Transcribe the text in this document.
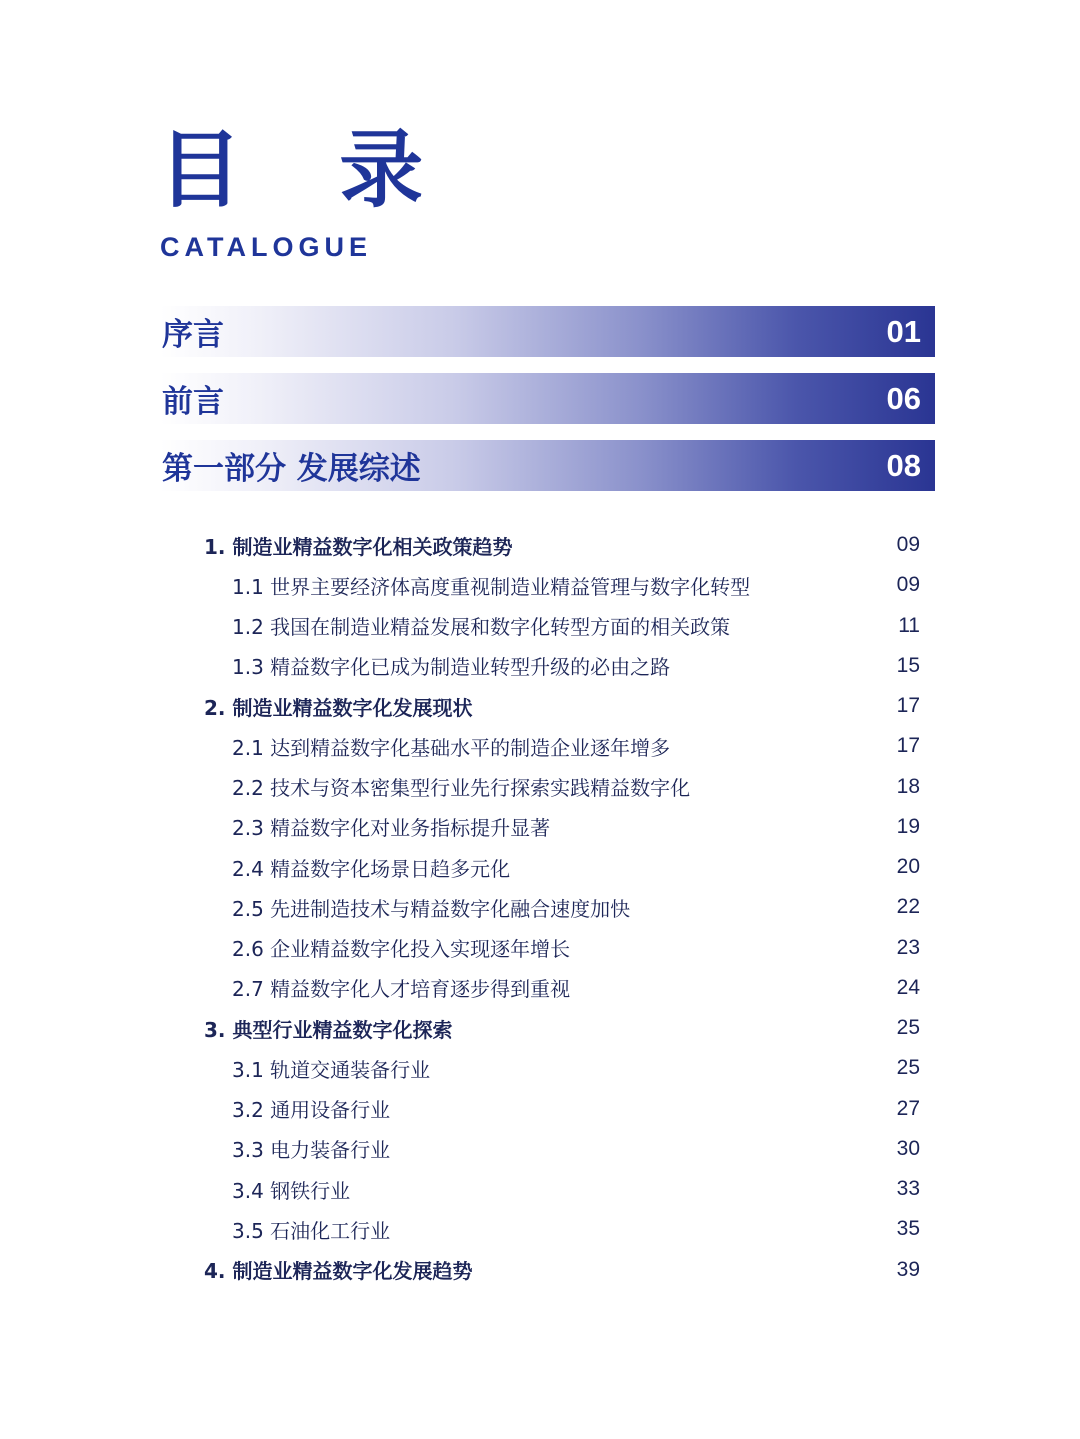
目 录
CATALOGUE
序言	01
前言	06
第一部分 发展综述	08
1. 制造业精益数字化相关政策趋势	09
1.1 世界主要经济体高度重视制造业精益管理与数字化转型	09
1.2 我国在制造业精益发展和数字化转型方面的相关政策	11
1.3 精益数字化已成为制造业转型升级的必由之路	15
2. 制造业精益数字化发展现状	17
2.1 达到精益数字化基础水平的制造企业逐年增多	17
2.2 技术与资本密集型行业先行探索实践精益数字化	18
2.3 精益数字化对业务指标提升显著	19
2.4 精益数字化场景日趋多元化	20
2.5 先进制造技术与精益数字化融合速度加快	22
2.6 企业精益数字化投入实现逐年增长	23
2.7 精益数字化人才培育逐步得到重视	24
3. 典型行业精益数字化探索	25
3.1 轨道交通装备行业	25
3.2 通用设备行业	27
3.3 电力装备行业	30
3.4 钢铁行业	33
3.5 石油化工行业	35
4. 制造业精益数字化发展趋势	39
